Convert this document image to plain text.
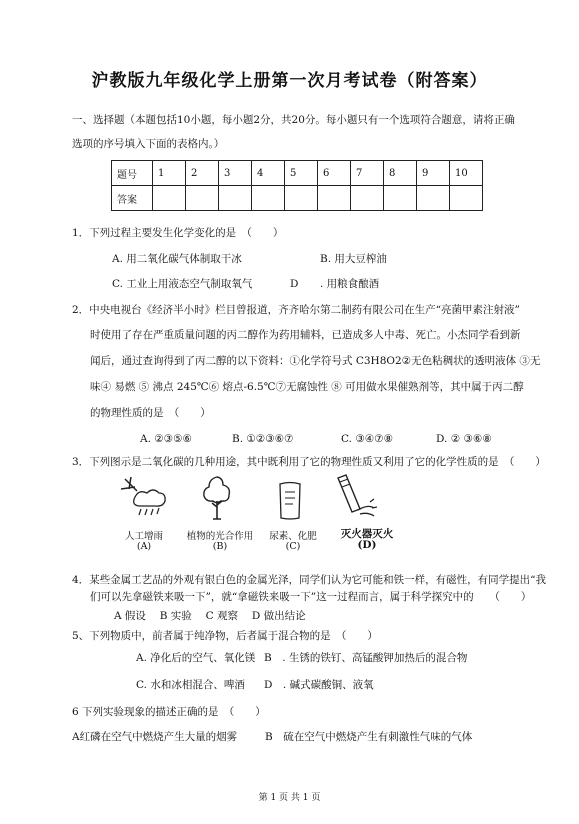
沪教版九年级化学上册第一次月考试卷（附答案）
一、选择题（本题包括10小题，每小题2分，共20分。每小题只有一个选项符合题意，请将正确
选项的序号填入下面的表格内。）
题号	1	2	3	4	5	6	7	8	9	10
答案										
1．下列过程主要发生化学变化的是　（　　）
A. 用二氧化碳气体制取干冰	B. 用大豆榨油
C. 工业上用液态空气制取氧气	D . 用粮食酿酒
2．中央电视台《经济半小时》栏目曾报道，齐齐哈尔第二制药有限公司在生产“亮菌甲素注射液”
时使用了存在严重质量问题的丙二醇作为药用辅料，已造成多人中毒、死亡。小杰同学看到新
闻后，通过查询得到了丙二醇的以下资料：①化学符号式 C3H8O2②无色粘稠状的透明液体 ③无
味④ 易燃 ⑤ 沸点 245℃⑥ 熔点-6.5℃⑦无腐蚀性 ⑧ 可用做水果催熟剂等，其中属于丙二醇
的物理性质的是　（　　）
A. ②③⑤⑥	B. ①②③⑥⑦	C. ③④⑦⑧	D. ② ③⑥⑧
3．下列图示是二氧化碳的几种用途，其中既利用了它的物理性质又利用了它的化学性质的是　（　　）
人工增雨
(A)
植物的光合作用
(B)
尿素、化肥
(C)
灭火器灭火
(D)
4．某些金属工艺品的外观有银白色的金属光泽，同学们认为它可能和铁一样，有磁性，有同学提出“我
们可以先拿磁铁来吸一下”，就“拿磁铁来吸一下”这一过程而言，属于科学探究中的　　（　　）
A 假设　 B 实验　 C 观察　 D 做出结论
5、下列物质中，前者属于纯净物，后者属于混合物的是　（　　）
A. 净化后的空气、氧化镁 B　. 生锈的铁钉、高锰酸钾加热后的混合物
C. 水和冰相混合、啤酒 D　. 碱式碳酸铜、液氧
6 下列实验现象的描述正确的是　（　　）
A红磷在空气中燃烧产生大量的烟雾	B　硫在空气中燃烧产生有刺激性气味的气体
第 1 页 共 1 页
